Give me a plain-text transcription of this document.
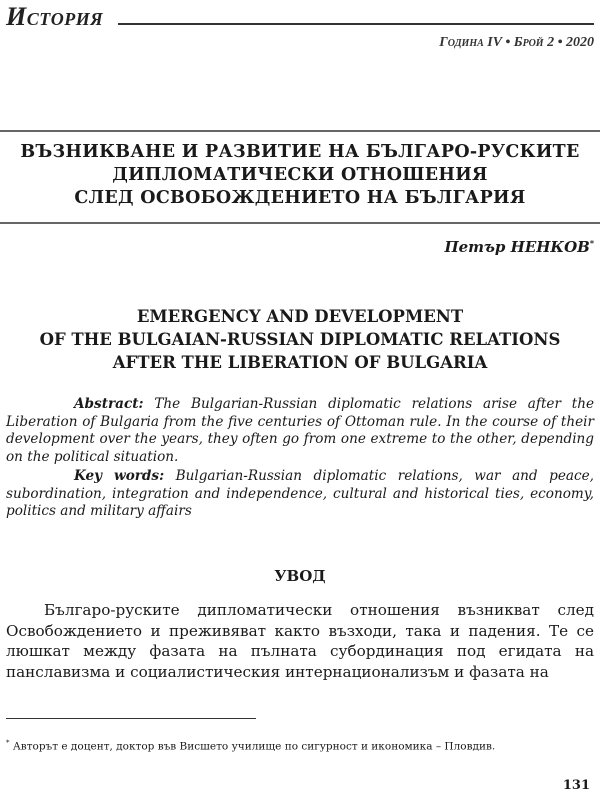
История
Година IV • Брой 2 • 2020
ВЪЗНИКВАНЕ И РАЗВИТИЕ НА БЪЛГАРО-РУСКИТЕ
ДИПЛОМАТИЧЕСКИ ОТНОШЕНИЯ
СЛЕД ОСВОБОЖДЕНИЕТО НА БЪЛГАРИЯ
Петър НЕНКОВ*
EMERGENCY AND DEVELOPMENT
OF THE BULGAIAN-RUSSIAN DIPLOMATIC RELATIONS
AFTER THE LIBERATION OF BULGARIA
Abstract: The Bulgarian-Russian diplomatic relations arise after the Liberation of Bulgaria from the five centuries of Ottoman rule. In the course of their development over the years, they often go from one extreme to the other, depending on the political situation.
Key words: Bulgarian-Russian diplomatic relations, war and peace, subordination, integration and independence, cultural and historical ties, economy, politics and military affairs
УВОД
Българо-руските дипломатически отношения възникват след Освобождението и преживяват както възходи, така и падения. Те се люшкат между фазата на пълната субординация под егидата на панславизма и социалистическия интернационализъм и фазата на
* Авторът е доцент, доктор във Висшето училище по сигурност и икономика – Пловдив.
131
